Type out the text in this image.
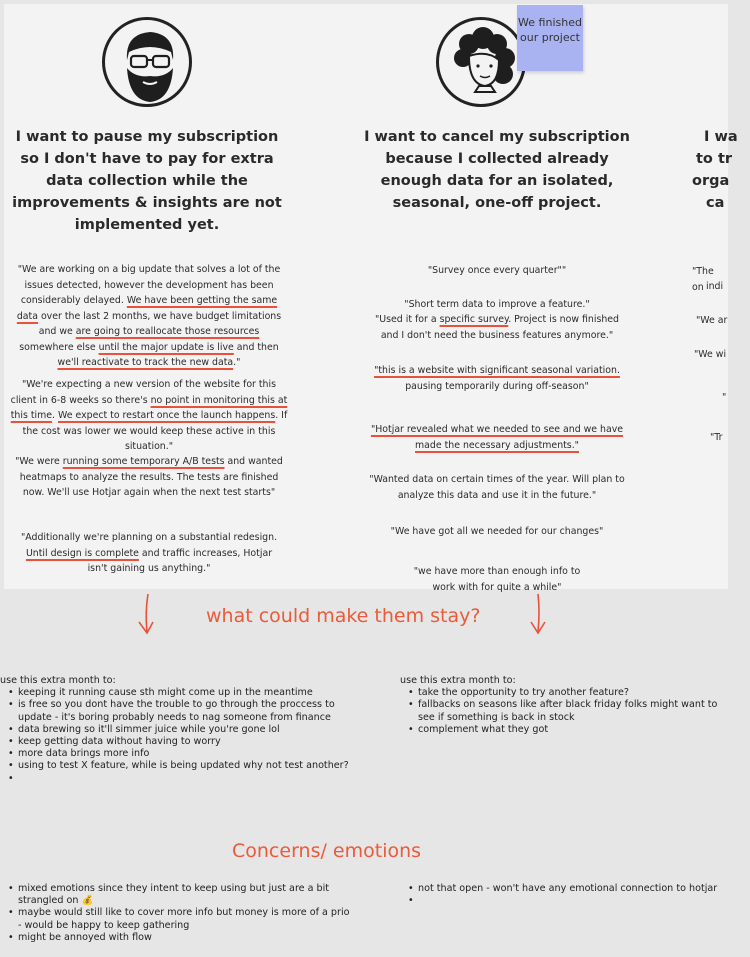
We finished our project
I want to pause my subscription so I don't have to pay for extra data collection while the improvements & insights are not implemented yet.
I want to cancel my subscription because I collected already enough data for an isolated, seasonal, one-off project.
I wa
to tr
orga
ca
"We are working on a big update that solves a lot of the issues detected, however the development has been considerably delayed. We have been getting the same data over the last 2 months, we have budget limitations and we are going to reallocate those resources somewhere else until the major update is live and then we'll reactivate to track the new data."
"We're expecting a new version of the website for this client in 6-8 weeks so there's no point in monitoring this at this time. We expect to restart once the launch happens. If the cost was lower we would keep these active in this situation."
"We were running some temporary A/B tests and wanted heatmaps to analyze the results. The tests are finished now. We'll use Hotjar again when the next test starts"
"Additionally we're planning on a substantial redesign. Until design is complete and traffic increases, Hotjar isn't gaining us anything."
"Survey once every quarter""
"Short term data to improve a feature."
"Used it for a specific survey. Project is now finished and I don't need the business features anymore."
"this is a website with significant seasonal variation.
pausing temporarily during off-season"
"Hotjar revealed what we needed to see and we have
made the necessary adjustments."
"Wanted data on certain times of the year. Will plan to analyze this data and use it in the future."
"We have got all we needed for our changes"
"we have more than enough info to work with for quite a while"
"The on indi
"We ar
"We wi
"
"Tr
what could make them stay?
use this extra month to:
• keeping it running cause sth might come up in the meantime
• is free so you dont have the trouble to go through the proccess to update - it's boring probably needs to nag someone from finance
• data brewing so it'll simmer juice while you're gone lol
• keep getting data without having to worry
• more data brings more info
• using to test X feature, while is being updated why not test another?
•
use this extra month to:
• take the opportunity to try another feature?
• fallbacks on seasons like after black friday folks might want to see if something is back in stock
• complement what they got
Concerns/ emotions
• mixed emotions since they intent to keep using but just are a bit strangled on 💰
• maybe would still like to cover more info but money is more of a prio - would be happy to keep gathering
• might be annoyed with flow
• not that open - won't have any emotional connection to hotjar
•
